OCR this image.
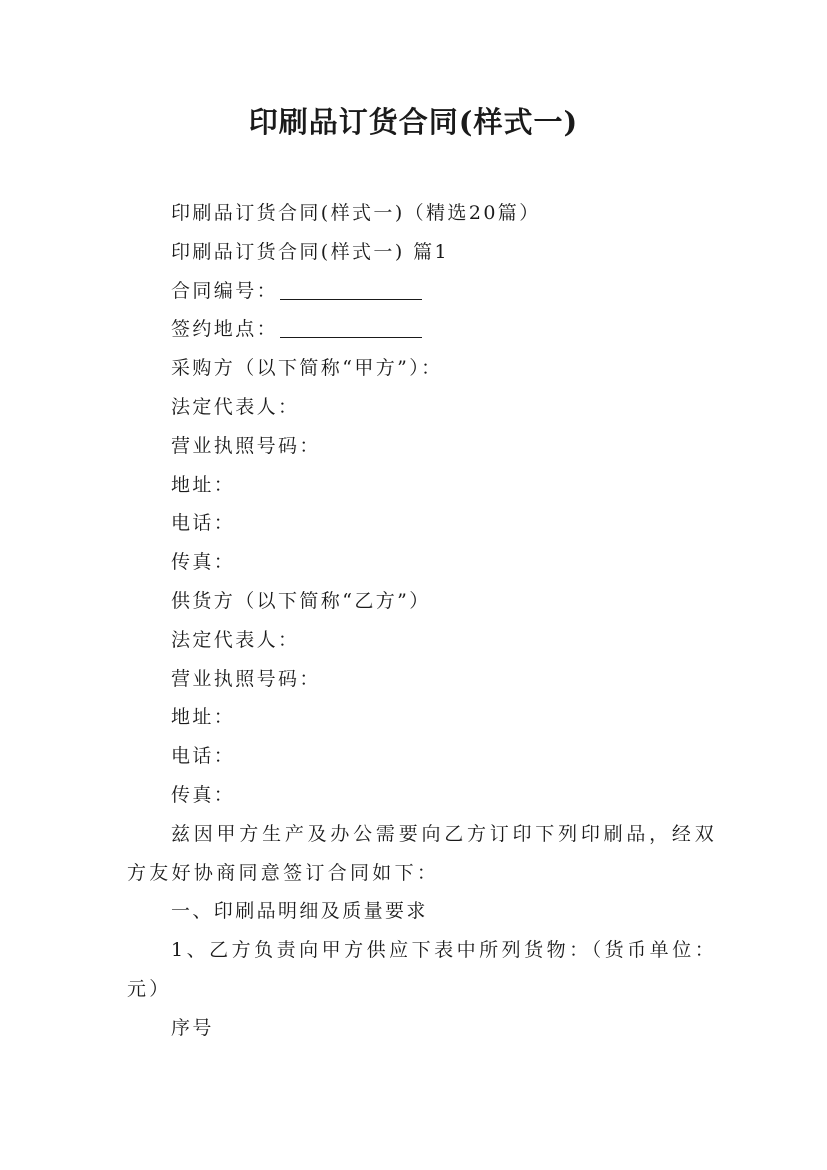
印刷品订货合同(样式一)

印刷品订货合同(样式一)（精选20篇）

印刷品订货合同(样式一) 篇1

合同编号：

签约地点：

采购方（以下简称“甲方”）：

法定代表人：

营业执照号码：

地址：

电话：

传真：

供货方（以下简称“乙方”）

法定代表人：

营业执照号码：

地址：

电话：

传真：

兹因甲方生产及办公需要向乙方订印下列印刷品，经双方友好协商同意签订合同如下：

一、印刷品明细及质量要求

1、乙方负责向甲方供应下表中所列货物：（货币单位：元）

序号
